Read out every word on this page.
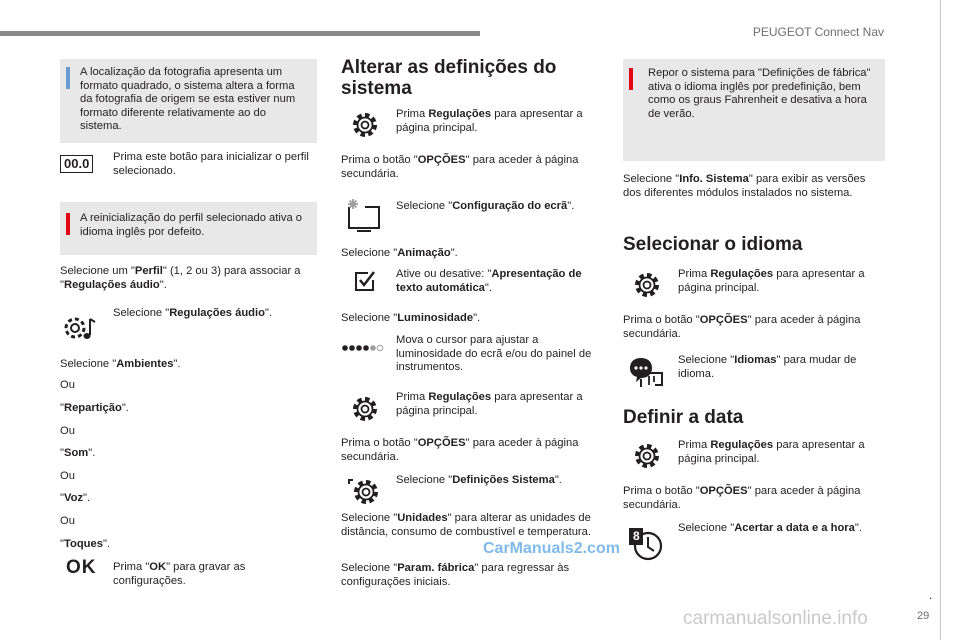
PEUGEOT Connect Nav

A localização da fotografia apresenta um formato quadrado, o sistema altera a forma da fotografia de origem se esta estiver num formato diferente relativamente ao do sistema.

00.0	Prima este botão para inicializar o perfil selecionado.

A reinicialização do perfil selecionado ativa o idioma inglês por defeito.

Selecione um "Perfil" (1, 2 ou 3) para associar a "Regulações áudio".

Selecione "Regulações áudio".

Selecione "Ambientes".

Ou

"Repartição".

Ou

"Som".

Ou

"Voz".

Ou

"Toques".

OK Prima "OK" para gravar as configurações.

Alterar as definições do sistema

Prima Regulações para apresentar a página principal.

Prima o botão "OPÇÕES" para aceder à página secundária.

Selecione "Configuração do ecrã".

Selecione "Animação".

Ative ou desative: "Apresentação de texto automática".

Selecione "Luminosidade".

Mova o cursor para ajustar a luminosidade do ecrã e/ou do painel de instrumentos.

Prima Regulações para apresentar a página principal.

Prima o botão "OPÇÕES" para aceder à página secundária.

Selecione "Definições Sistema".

Selecione "Unidades" para alterar as unidades de distância, consumo de combustível e temperatura.

Selecione "Param. fábrica" para regressar às configurações iniciais.

Repor o sistema para "Definições de fábrica" ativa o idioma inglês por predefinição, bem como os graus Fahrenheit e desativa a hora de verão.

Selecione "Info. Sistema" para exibir as versões dos diferentes módulos instalados no sistema.

Selecionar o idioma

Prima Regulações para apresentar a página principal.

Prima o botão "OPÇÕES" para aceder à página secundária.

Selecione "Idiomas" para mudar de idioma.

Definir a data

Prima Regulações para apresentar a página principal.

Prima o botão "OPÇÕES" para aceder à página secundária.

8

Selecione "Acertar a data e a hora".

CarManuals2.com
carmanualsonline.info
.
29
